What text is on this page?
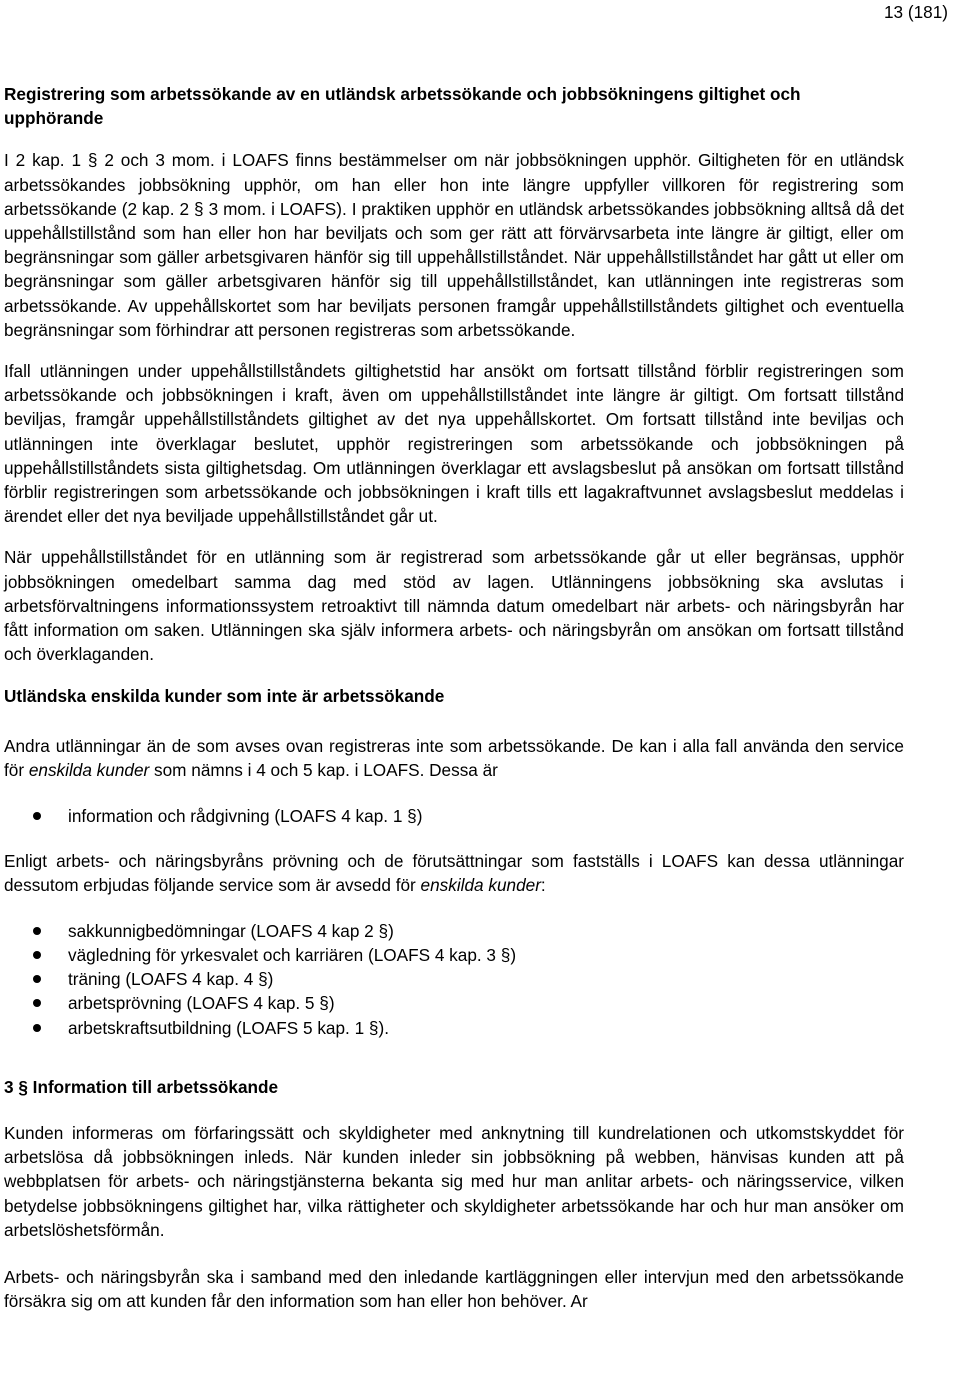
13 (181)
Registrering som arbetssökande av en utländsk arbetssökande och jobbsökningens giltighet och upphörande

I 2 kap. 1 § 2 och 3 mom. i LOAFS finns bestämmelser om när jobbsökningen upphör. Giltigheten för en utländsk arbetssökandes jobbsökning upphör, om han eller hon inte längre uppfyller villkoren för registrering som arbetssökande (2 kap. 2 § 3 mom. i LOAFS). I praktiken upphör en utländsk arbetssökandes jobbsökning alltså då det uppehållstillstånd som han eller hon har beviljats och som ger rätt att förvärvsarbeta inte längre är giltigt, eller om begränsningar som gäller arbetsgivaren hänför sig till uppehållstillståndet. När uppehållstillståndet har gått ut eller om begränsningar som gäller arbetsgivaren hänför sig till uppehållstillståndet, kan utlänningen inte registreras som arbetssökande. Av uppehållskortet som har beviljats personen framgår uppehållstillståndets giltighet och eventuella begränsningar som förhindrar att personen registreras som arbetssökande.

Ifall utlänningen under uppehållstillståndets giltighetstid har ansökt om fortsatt tillstånd förblir registreringen som arbetssökande och jobbsökningen i kraft, även om uppehållstillståndet inte längre är giltigt. Om fortsatt tillstånd beviljas, framgår uppehållstillståndets giltighet av det nya uppehållskortet. Om fortsatt tillstånd inte beviljas och utlänningen inte överklagar beslutet, upphör registreringen som arbetssökande och jobbsökningen på uppehållstillståndets sista giltighetsdag. Om utlänningen överklagar ett avslagsbeslut på ansökan om fortsatt tillstånd förblir registreringen som arbetssökande och jobbsökningen i kraft tills ett lagakraftvunnet avslagsbeslut meddelas i ärendet eller det nya beviljade uppehållstillståndet går ut.

När uppehållstillståndet för en utlänning som är registrerad som arbetssökande går ut eller begränsas, upphör jobbsökningen omedelbart samma dag med stöd av lagen. Utlänningens jobbsökning ska avslutas i arbetsförvaltningens informationssystem retroaktivt till nämnda datum omedelbart när arbets- och näringsbyrån har fått information om saken. Utlänningen ska själv informera arbets- och näringsbyrån om ansökan om fortsatt tillstånd och överklaganden.

Utländska enskilda kunder som inte är arbetssökande

Andra utlänningar än de som avses ovan registreras inte som arbetssökande. De kan i alla fall använda den service för enskilda kunder som nämns i 4 och 5 kap. i LOAFS. Dessa är

information och rådgivning (LOAFS 4 kap. 1 §)

Enligt arbets- och näringsbyråns prövning och de förutsättningar som fastställs i LOAFS kan dessa utlänningar dessutom erbjudas följande service som är avsedd för enskilda kunder:

sakkunnigbedömningar (LOAFS 4 kap 2 §)
vägledning för yrkesvalet och karriären (LOAFS 4 kap. 3 §)
träning (LOAFS 4 kap. 4 §)
arbetsprövning (LOAFS 4 kap. 5 §)
arbetskraftsutbildning (LOAFS 5 kap. 1 §).
3 § Information till arbetssökande

Kunden informeras om förfaringssätt och skyldigheter med anknytning till kundrelationen och utkomstskyddet för arbetslösa då jobbsökningen inleds. När kunden inleder sin jobbsökning på webben, hänvisas kunden att på webbplatsen för arbets- och näringstjänsterna bekanta sig med hur man anlitar arbets- och näringsservice, vilken betydelse jobbsökningens giltighet har, vilka rättigheter och skyldigheter arbetssökande har och hur man ansöker om arbetslöshetsförmån.

Arbets- och näringsbyrån ska i samband med den inledande kartläggningen eller intervjun med den arbetssökande försäkra sig om att kunden får den information som han eller hon behöver. Ar
